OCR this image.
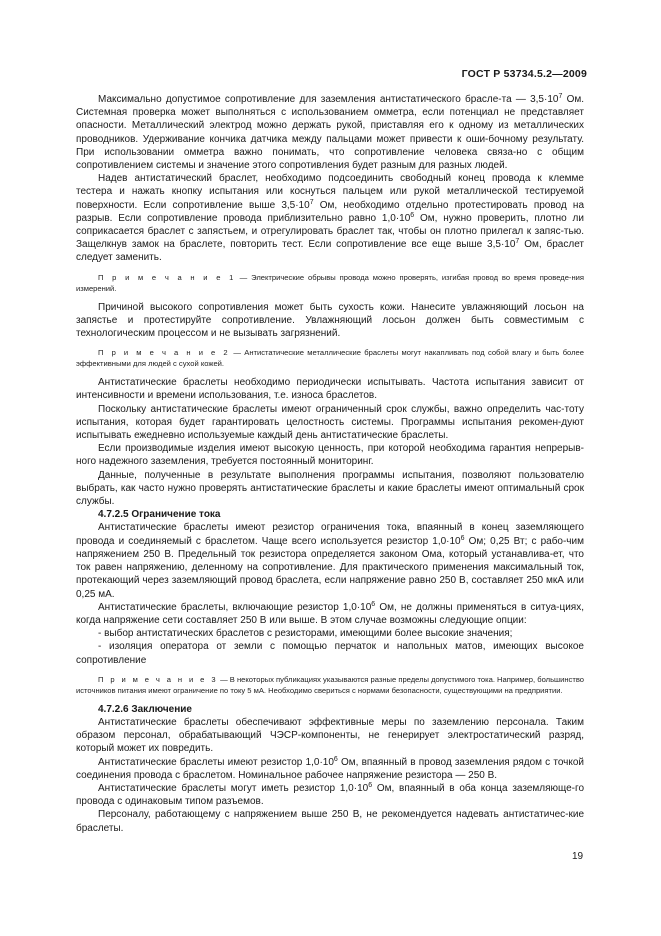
ГОСТ Р 53734.5.2—2009

Максимально допустимое сопротивление для заземления антистатического брасле-та — $3,5\cdot 10^7$ Ом. Системная проверка может выполняться с использованием омметра, если потенциал не представляет опасности. Металлический электрод можно держать рукой, приставляя его к одному из металлических проводников. Удерживание кончика датчика между пальцами может привести к оши-бочному результату. При использовании омметра важно понимать, что сопротивление человека связа-но с общим сопротивлением системы и значение этого сопротивления будет разным для разных людей.

Надев антистатический браслет, необходимо подсоединить свободный конец провода к клемме тестера и нажать кнопку испытания или коснуться пальцем или рукой металлической тестируемой поверхности. Если сопротивление выше $3,5\cdot 10^7$ Ом, необходимо отдельно протестировать провод на разрыв. Если сопротивление провода приблизительно равно $1,0\cdot 10^6$ Ом, нужно проверить, плотно ли соприкасается браслет с запястьем, и отрегулировать браслет так, чтобы он плотно прилегал к запяс-тью. Защелкнув замок на браслете, повторить тест. Если сопротивление все еще выше $3,5\cdot 10^7$ Ом, браслет следует заменить.

П р и м е ч а н и е 1 — Электрические обрывы провода можно проверять, изгибая провод во время проведе-ния измерений.

Причиной высокого сопротивления может быть сухость кожи. Нанесите увлажняющий лосьон на запястье и протестируйте сопротивление. Увлажняющий лосьон должен быть совместимым с технологическим процессом и не вызывать загрязнений.

П р и м е ч а н и е 2 — Антистатические металлические браслеты могут накапливать под собой влагу и быть более эффективными для людей с сухой кожей.

Антистатические браслеты необходимо периодически испытывать. Частота испытания зависит от интенсивности и времени использования, т.е. износа браслетов.

Поскольку антистатические браслеты имеют ограниченный срок службы, важно определить час-тоту испытания, которая будет гарантировать целостность системы. Программы испытания рекомен-дуют испытывать ежедневно используемые каждый день антистатические браслеты.

Если производимые изделия имеют высокую ценность, при которой необходима гарантия непрерыв-ного надежного заземления, требуется постоянный мониторинг.

Данные, полученные в результате выполнения программы испытания, позволяют пользователю выбрать, как часто нужно проверять антистатические браслеты и какие браслеты имеют оптимальный срок службы.

4.7.2.5 Ограничение тока

Антистатические браслеты имеют резистор ограничения тока, впаянный в конец заземляющего провода и соединяемый с браслетом. Чаще всего используется резистор $1,0\cdot 10^6$ Ом; 0,25 Вт; с рабо-чим напряжением 250 В. Предельный ток резистора определяется законом Ома, который устанавлива-ет, что ток равен напряжению, деленному на сопротивление. Для практического применения максимальный ток, протекающий через заземляющий провод браслета, если напряжение равно 250 В, составляет 250 мкА или 0,25 мА.

Антистатические браслеты, включающие резистор $1,0\cdot 10^6$ Ом, не должны применяться в ситуа-циях, когда напряжение сети составляет 250 В или выше. В этом случае возможны следующие опции:

- выбор антистатических браслетов с резисторами, имеющими более высокие значения;

- изоляция оператора от земли с помощью перчаток и напольных матов, имеющих высокое сопротивление

П р и м е ч а н и е 3 — В некоторых публикациях указываются разные пределы допустимого тока. Например, большинство источников питания имеют ограничение по току 5 мА. Необходимо свериться с нормами безопасности, существующими на предприятии.

4.7.2.6 Заключение

Антистатические браслеты обеспечивают эффективные меры по заземлению персонала. Таким образом персонал, обрабатывающий ЧЭСР-компоненты, не генерирует электростатический разряд, который может их повредить.

Антистатические браслеты имеют резистор $1,0\cdot 10^6$ Ом, впаянный в провод заземления рядом с точкой соединения провода с браслетом. Номинальное рабочее напряжение резистора — 250 В.

Антистатические браслеты могут иметь резистор $1,0\cdot 10^6$ Ом, впаянный в оба конца заземляюще-го провода с одинаковым типом разъемов.

Персоналу, работающему с напряжением выше 250 В, не рекомендуется надевать антистатичес-кие браслеты.

19
